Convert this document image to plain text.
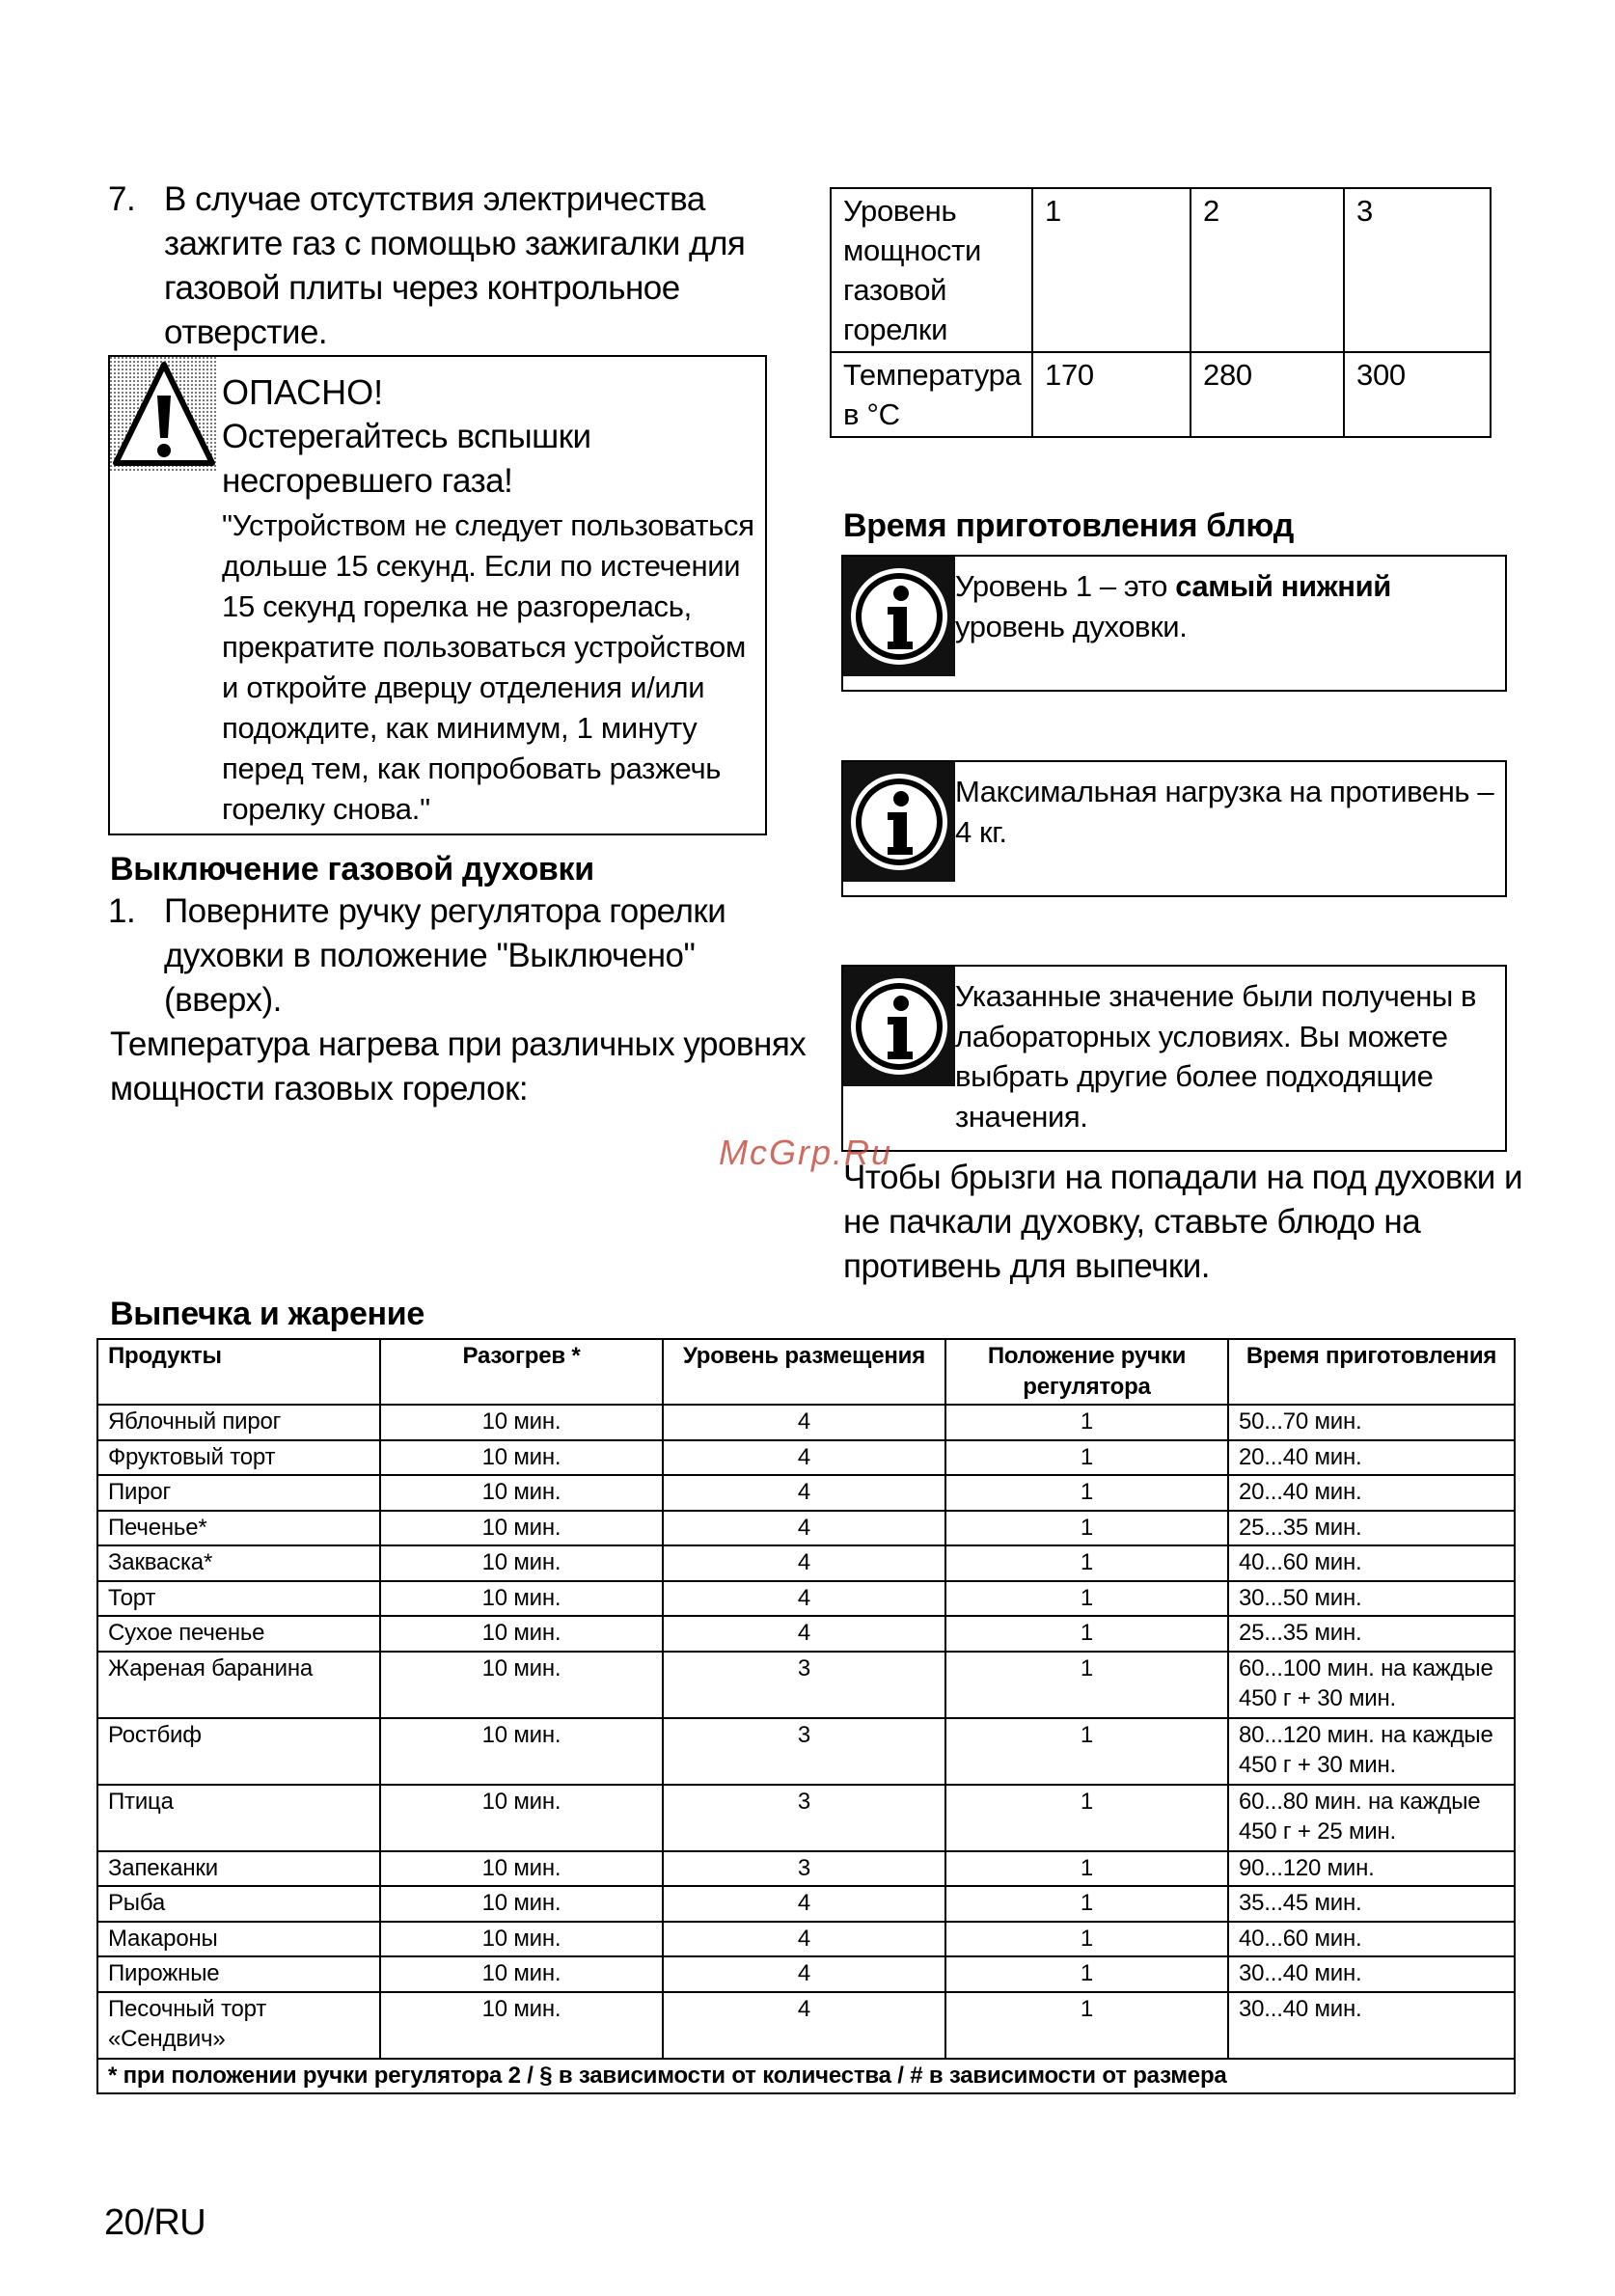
7. В случае отсутствия электричества зажгите газ с помощью зажигалки для газовой плиты через контрольное отверстие.
ОПАСНО!
Остерегайтесь вспышки несгоревшего газа!
"Устройством не следует пользоваться дольше 15 секунд. Если по истечении 15 секунд горелка не разгорелась, прекратите пользоваться устройством и откройте дверцу отделения и/или подождите, как минимум, 1 минуту перед тем, как попробовать разжечь горелку снова."
Выключение газовой духовки
1. Поверните ручку регулятора горелки духовки в положение "Выключено" (вверх).
Температура нагрева при различных уровнях мощности газовых горелок:
Уровень мощности газовой горелки	1	2	3
Температура в °C	170	280	300
Время приготовления блюд
Уровень 1 – это самый нижний уровень духовки.
Максимальная нагрузка на противень – 4 кг.
Указанные значение были получены в лабораторных условиях. Вы можете выбрать другие более подходящие значения.
Чтобы брызги на попадали на под духовки и не пачкали духовку, ставьте блюдо на противень для выпечки.
McGrp.Ru
Выпечка и жарение
Продукты	Разогрев *	Уровень размещения	Положение ручки регулятора	Время приготовления
Яблочный пирог	10 мин.	4	1	50...70 мин.
Фруктовый торт	10 мин.	4	1	20...40 мин.
Пирог	10 мин.	4	1	20...40 мин.
Печенье*	10 мин.	4	1	25...35 мин.
Закваска*	10 мин.	4	1	40...60 мин.
Торт	10 мин.	4	1	30...50 мин.
Сухое печенье	10 мин.	4	1	25...35 мин.
Жареная баранина	10 мин.	3	1	60...100 мин. на каждые 450 г + 30 мин.
Ростбиф	10 мин.	3	1	80...120 мин. на каждые 450 г + 30 мин.
Птица	10 мин.	3	1	60...80 мин. на каждые 450 г + 25 мин.
Запеканки	10 мин.	3	1	90...120 мин.
Рыба	10 мин.	4	1	35...45 мин.
Макароны	10 мин.	4	1	40...60 мин.
Пирожные	10 мин.	4	1	30...40 мин.
Песочный торт «Сендвич»	10 мин.	4	1	30...40 мин.
* при положении ручки регулятора 2 / § в зависимости от количества / # в зависимости от размера				
20/RU
